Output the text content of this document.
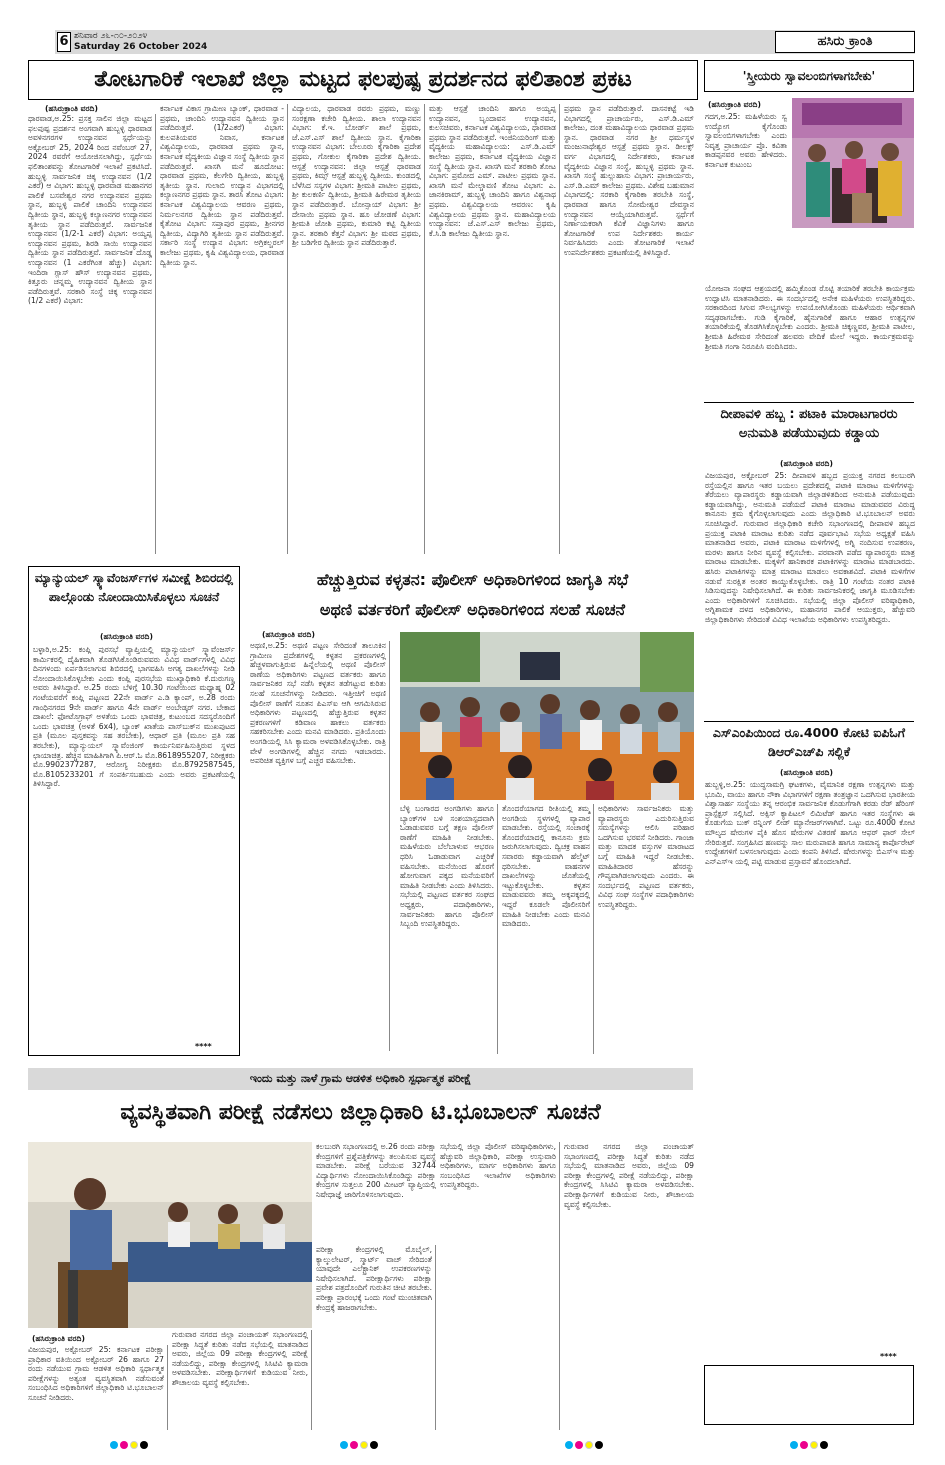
6 ಶನಿವಾರ ೨೬-೧೦-೨೦೨೪
Saturday 26 October 2024	ಹಸಿರು ಕ್ರಾಂತಿ
ತೋಟಗಾರಿಕೆ ಇಲಾಖೆ ಜಿಲ್ಲಾ ಮಟ್ಟದ ಫಲಪುಷ್ಪ ಪ್ರದರ್ಶನದ ಫಲಿತಾಂಶ ಪ್ರಕಟ
(ಹಸಿರುಕ್ರಾಂತಿ ವರದಿ)
ಧಾರವಾಡ,ಅ.25: ಪ್ರಸಕ್ತ ಸಾಲಿನ ಜಿಲ್ಲಾ ಮಟ್ಟದ ಫಲಪುಷ್ಪ ಪ್ರದರ್ಶನ ಅಂಗವಾಗಿ ಹುಬ್ಬಳ್ಳಿ ಧಾರವಾಡ ಅವಳಿನಗರಗಳ ಉದ್ಯಾನವನ ಸ್ಪರ್ಧೆಯನ್ನು ಅಕ್ಟೋಬರ್ 25, 2024 ರಿಂದ ನವೆಂಬರ್ 27, 2024 ರವರೆಗೆ ಆಯೋಜಿಸಲಾಗಿದ್ದು, ಸ್ಪರ್ಧೆಯ ಫಲಿತಾಂಶವನ್ನು ತೋಟಗಾರಿಕೆ ಇಲಾಖೆ ಪ್ರಕಟಿಸಿದೆ. ಹುಬ್ಬಳ್ಳಿ ಸಾರ್ವಜನಿಕ ಚಿಕ್ಕ ಉದ್ಯಾನವನ (1/2 ಎಕರೆ) ಆ ವಿಭಾಗ: ಹುಬ್ಬಳ್ಳಿ ಧಾರವಾಡ ಮಹಾನಗರ ಪಾಲಿಕೆ ಬಸವೇಶ್ವರ ನಗರ ಉದ್ಯಾನವನ ಪ್ರಥಮ ಸ್ಥಾನ, ಹುಬ್ಬಳ್ಳಿ ಪಾಲಿಕೆ ಚಾಂದಿನಿ ಉದ್ಯಾನವನ ದ್ವಿತೀಯ ಸ್ಥಾನ, ಹುಬ್ಬಳ್ಳಿ ಕಲ್ಯಾಣನಗರ ಉದ್ಯಾನವನ ತೃತೀಯ ಸ್ಥಾನ ಪಡೆದಿರುತ್ತವೆ. ಸಾರ್ವಜನಿಕ ಉದ್ಯಾನವನ (1/2-1 ಎಕರೆ) ವಿಭಾಗ: ಅಯ್ಯಪ್ಪ ಉದ್ಯಾನವನ ಪ್ರಥಮ, ಶಿರಡಿ ಸಾಯಿ ಉದ್ಯಾನವನ ದ್ವಿತೀಯ ಸ್ಥಾನ ಪಡೆದಿರುತ್ತವೆ. ಸಾರ್ವಜನಿಕ ದೊಡ್ಡ ಉದ್ಯಾನವನ (1 ಎಕರೆಗಿಂತ ಹೆಚ್ಚು) ವಿಭಾಗ: ಇಂದಿರಾ ಗ್ಲಾಸ್ ಹೌಸ್ ಉದ್ಯಾನವನ ಪ್ರಥಮ, ಕಿತ್ತೂರು ಚನ್ನಮ್ಮ ಉದ್ಯಾನವನ ದ್ವಿತೀಯ ಸ್ಥಾನ ಪಡೆದಿರುತ್ತವೆ. ಸರಕಾರಿ ಸಂಸ್ಥೆ ಚಿಕ್ಕ ಉದ್ಯಾನವನ (1/2 ಎಕರೆ) ವಿಭಾಗ:
ಕರ್ನಾಟಕ ವಿಕಾಸ ಗ್ರಾಮೀಣ ಬ್ಯಾಂಕ್, ಧಾರವಾಡ - ಪ್ರಥಮ, ಚಾಂದಿನಿ ಉದ್ಯಾನವನ ದ್ವಿತೀಯ ಸ್ಥಾನ ಪಡೆದಿರುತ್ತವೆ. (1/2ಎಕರೆ) ವಿಭಾಗ: ಕುಲಪತಿಯವರ ನಿವಾಸ, ಕರ್ನಾಟಕ ವಿಶ್ವವಿದ್ಯಾಲಯ, ಧಾರವಾಡ ಪ್ರಥಮ ಸ್ಥಾನ, ಕರ್ನಾಟಕ ವೈದ್ಯಕೀಯ ವಿಜ್ಞಾನ ಸಂಸ್ಥೆ ದ್ವಿತೀಯ ಸ್ಥಾನ ಪಡೆದಿರುತ್ತವೆ. ಖಾಸಗಿ ಮನೆ ಹೂದೋಟ: ಧಾರವಾಡ ಪ್ರಥಮ, ಕೆಲಗೇರಿ ದ್ವಿತೀಯ, ಹುಬ್ಬಳ್ಳಿ ತೃತೀಯ ಸ್ಥಾನ. ಗುಲಾಬಿ ಉದ್ಯಾನ ವಿಭಾಗದಲ್ಲಿ ಕಲ್ಯಾಣನಗರ ಪ್ರಥಮ ಸ್ಥಾನ. ತಾರಸಿ ತೋಟ ವಿಭಾಗ: ಕರ್ನಾಟಕ ವಿಶ್ವವಿದ್ಯಾಲಯ ಆವರಣ ಪ್ರಥಮ, ನಿರ್ಮಲನಗರ ದ್ವಿತೀಯ ಸ್ಥಾನ ಪಡೆದಿರುತ್ತವೆ. ಕೈತೋಟ ವಿಭಾಗ: ಸಪ್ತಾಪುರ ಪ್ರಥಮ, ಶ್ರೀನಗರ ದ್ವಿತೀಯ, ವಿದ್ಯಾಗಿರಿ ತೃತೀಯ ಸ್ಥಾನ ಪಡೆದಿರುತ್ತವೆ. ಸರ್ಕಾರಿ ಸಂಸ್ಥೆ ಉದ್ಯಾನ ವಿಭಾಗ: ಅಗ್ರಿಕಲ್ಚರಲ್ ಕಾಲೇಜು ಪ್ರಥಮ, ಕೃಷಿ ವಿಶ್ವವಿದ್ಯಾಲಯ, ಧಾರವಾಡ ದ್ವಿತೀಯ ಸ್ಥಾನ.
ವಿದ್ಯಾಲಯ, ಧಾರವಾಡ ರವರು ಪ್ರಥಮ, ಮಣ್ಣು ಸಂರಕ್ಷಣಾ ಕಚೇರಿ ದ್ವಿತೀಯ. ಶಾಲಾ ಉದ್ಯಾನವನ ವಿಭಾಗ: ಕೆ.ಇ. ಬೋರ್ಡ್ ಶಾಲೆ ಪ್ರಥಮ, ಜೆ.ಎಸ್.ಎಸ್ ಶಾಲೆ ದ್ವಿತೀಯ ಸ್ಥಾನ. ಕೈಗಾರಿಕಾ ಉದ್ಯಾನವನ ವಿಭಾಗ: ಬೇಲೂರು ಕೈಗಾರಿಕಾ ಪ್ರದೇಶ ಪ್ರಥಮ, ಗೋಕುಲ ಕೈಗಾರಿಕಾ ಪ್ರದೇಶ ದ್ವಿತೀಯ. ಆಸ್ಪತ್ರೆ ಉದ್ಯಾನವನ: ಜಿಲ್ಲಾ ಆಸ್ಪತ್ರೆ ಧಾರವಾಡ ಪ್ರಥಮ, ಕಿಮ್ಸ್ ಆಸ್ಪತ್ರೆ ಹುಬ್ಬಳ್ಳಿ ದ್ವಿತೀಯ. ಕುಂಡದಲ್ಲಿ ಬೆಳೆಸಿದ ಸಸ್ಯಗಳ ವಿಭಾಗ: ಶ್ರೀಮತಿ ಪಾಟೀಲ ಪ್ರಥಮ, ಶ್ರೀ ಕುಲಕರ್ಣಿ ದ್ವಿತೀಯ, ಶ್ರೀಮತಿ ಹಿರೇಮಠ ತೃತೀಯ ಸ್ಥಾನ ಪಡೆದಿರುತ್ತಾರೆ. ಬೋನ್ಸಾಯ್ ವಿಭಾಗ: ಶ್ರೀ ದೇಸಾಯಿ ಪ್ರಥಮ ಸ್ಥಾನ. ಹೂ ಜೋಡಣೆ ವಿಭಾಗ: ಶ್ರೀಮತಿ ಜೋಶಿ ಪ್ರಥಮ, ಕುಮಾರಿ ಕಟ್ಟಿ ದ್ವಿತೀಯ ಸ್ಥಾನ. ತರಕಾರಿ ಕೆತ್ತನೆ ವಿಭಾಗ: ಶ್ರೀ ಮಠದ ಪ್ರಥಮ, ಶ್ರೀ ಬಡಿಗೇರ ದ್ವಿತೀಯ ಸ್ಥಾನ ಪಡೆದಿರುತ್ತಾರೆ.
ಮತ್ತು ಆಸ್ಪತ್ರೆ ಚಾಂದಿನಿ ಹಾಗೂ ಅಯ್ಯಪ್ಪ ಉದ್ಯಾನವನ, ಬೃಂದಾವನ ಉದ್ಯಾನವನ, ಕುಲಸಚಿವರು, ಕರ್ನಾಟಕ ವಿಶ್ವವಿದ್ಯಾಲಯ, ಧಾರವಾಡ ಪ್ರಥಮ ಸ್ಥಾನ ಪಡೆದಿರುತ್ತವೆ. ಇಂಜಿನಿಯರಿಂಗ್ ಮತ್ತು ವೈದ್ಯಕೀಯ ಮಹಾವಿದ್ಯಾಲಯ: ಎಸ್.ಡಿ.ಎಮ್ ಕಾಲೇಜು ಪ್ರಥಮ, ಕರ್ನಾಟಕ ವೈದ್ಯಕೀಯ ವಿಜ್ಞಾನ ಸಂಸ್ಥೆ ದ್ವಿತೀಯ ಸ್ಥಾನ. ಖಾಸಗಿ ಮನೆ ತರಕಾರಿ ತೋಟ ವಿಭಾಗ: ಪ್ರಮೋದ ಎಮ್. ಪಾಟೀಲ ಪ್ರಥಮ ಸ್ಥಾನ. ಖಾಸಗಿ ಮನೆ ಮೇಲ್ಚಾವಣಿ ತೋಟ ವಿಭಾಗ: ಎ. ಜಾನಕಿರಾಮ್, ಹುಬ್ಬಳ್ಳಿ ಚಾಂದಿನಿ ಹಾಗೂ ವಿಶ್ವನಾಥ ಪ್ರಥಮ. ವಿಶ್ವವಿದ್ಯಾಲಯ ಆವರಣ: ಕೃಷಿ ವಿಶ್ವವಿದ್ಯಾಲಯ ಪ್ರಥಮ ಸ್ಥಾನ. ಮಹಾವಿದ್ಯಾಲಯ ಉದ್ಯಾನವನ: ಜೆ.ಎಸ್.ಎಸ್ ಕಾಲೇಜು ಪ್ರಥಮ, ಕೆ.ಸಿ.ಡಿ ಕಾಲೇಜು ದ್ವಿತೀಯ ಸ್ಥಾನ.
ಪ್ರಥಮ ಸ್ಥಾನ ಪಡೆದಿರುತ್ತಾರೆ. ದಾಸನಕಟ್ಟೆ ಇಡಿ ವಿಭಾಗದಲ್ಲಿ ಪ್ರಾಚಾರ್ಯರು, ಎಸ್.ಡಿ.ಎಮ್ ಕಾಲೇಜು, ದಂತ ಮಹಾವಿದ್ಯಾಲಯ ಧಾರವಾಡ ಪ್ರಥಮ ಸ್ಥಾನ. ಧಾರವಾಡ ನಗರ ಶ್ರೀ ಧರ್ಮಸ್ಥಳ ಮಂಜುನಾಥೇಶ್ವರ ಆಸ್ಪತ್ರೆ ಪ್ರಥಮ ಸ್ಥಾನ. ಡೀಲಕ್ಸ್ ವರ್ಗ ವಿಭಾಗದಲ್ಲಿ ನಿರ್ದೇಶಕರು, ಕರ್ನಾಟಕ ವೈದ್ಯಕೀಯ ವಿಜ್ಞಾನ ಸಂಸ್ಥೆ, ಹುಬ್ಬಳ್ಳಿ ಪ್ರಥಮ ಸ್ಥಾನ. ಖಾಸಗಿ ಸಂಸ್ಥೆ ಹುಲ್ಲುಹಾಸು ವಿಭಾಗ: ಪ್ರಾಚಾರ್ಯರು, ಎಸ್.ಡಿ.ಎಮ್ ಕಾಲೇಜು ಪ್ರಥಮ. ವಿಶೇಷ ಬಹುಮಾನ ವಿಭಾಗದಲ್ಲಿ: ಸರಕಾರಿ ಕೈಗಾರಿಕಾ ತರಬೇತಿ ಸಂಸ್ಥೆ, ಧಾರವಾಡ ಹಾಗೂ ಸೋಮೇಶ್ವರ ದೇವಸ್ಥಾನ ಉದ್ಯಾನವನ ಆಯ್ಕೆಯಾಗಿರುತ್ತವೆ. ಸ್ಪರ್ಧೆಗೆ ನಿರ್ಣಾಯಕರಾಗಿ ಕೆವಿಕೆ ವಿಜ್ಞಾನಿಗಳು ಹಾಗೂ ತೋಟಗಾರಿಕೆ ಉಪ ನಿರ್ದೇಶಕರು ಕಾರ್ಯ ನಿರ್ವಹಿಸಿದರು ಎಂದು ತೋಟಗಾರಿಕೆ ಇಲಾಖೆ ಉಪನಿರ್ದೇಶಕರು ಪ್ರಕಟಣೆಯಲ್ಲಿ ತಿಳಿಸಿದ್ದಾರೆ.
'ಸ್ತ್ರೀಯರು ಸ್ವಾವಲಂಬಿಗಳಾಗಬೇಕು'
(ಹಸಿರುಕ್ರಾಂತಿ ವರದಿ)
ಗದಗ,ಅ.25: ಮಹಿಳೆಯರು ಸ್ವ ಉದ್ಯೋಗ ಕೈಗೊಂಡು ಸ್ವಾವಲಂಬಿಗಳಾಗಬೇಕು ಎಂದು ನಿವೃತ್ತ ಪ್ರಾಚಾರ್ಯ ಪ್ರೊ. ಕವಿತಾ ಕಾಡಪ್ಪನವರ ಅವರು ಹೇಳಿದರು. ಕರ್ನಾಟಕ ಕುಟುಂಬ
ಯೋಜನಾ ಸಂಘದ ಆಶ್ರಯದಲ್ಲಿ ಹಮ್ಮಿಕೊಂಡ ರೊಟ್ಟಿ ತಯಾರಿಕೆ ತರಬೇತಿ ಕಾರ್ಯಕ್ರಮ ಉದ್ಘಾಟಿಸಿ ಮಾತನಾಡಿದರು. ಈ ಸಂದರ್ಭದಲ್ಲಿ ಅನೇಕ ಮಹಿಳೆಯರು ಉಪಸ್ಥಿತರಿದ್ದರು. ಸರಕಾರದಿಂದ ಸಿಗುವ ಸೌಲಭ್ಯಗಳನ್ನು ಉಪಯೋಗಿಸಿಕೊಂಡು ಮಹಿಳೆಯರು ಆರ್ಥಿಕವಾಗಿ ಸದೃಢರಾಗಬೇಕು. ಗುಡಿ ಕೈಗಾರಿಕೆ, ಹೈನುಗಾರಿಕೆ ಹಾಗೂ ಆಹಾರ ಉತ್ಪನ್ನಗಳ ತಯಾರಿಕೆಯಲ್ಲಿ ತೊಡಗಿಸಿಕೊಳ್ಳಬೇಕು ಎಂದರು. ಶ್ರೀಮತಿ ಚಿಕ್ಕಣ್ಣವರ, ಶ್ರೀಮತಿ ಪಾಟೀಲ, ಶ್ರೀಮತಿ ಹಿರೇಮಠ ಸೇರಿದಂತೆ ಹಲವರು ವೇದಿಕೆ ಮೇಲೆ ಇದ್ದರು. ಕಾರ್ಯಕ್ರಮವನ್ನು ಶ್ರೀಮತಿ ಗಂಗಾ ನಿರೂಪಿಸಿ ವಂದಿಸಿದರು.
ದೀಪಾವಳಿ ಹಬ್ಬ : ಪಟಾಕಿ ಮಾರಾಟಗಾರರು ಅನುಮತಿ ಪಡೆಯುವುದು ಕಡ್ಡಾಯ
(ಹಸಿರುಕ್ರಾಂತಿ ವರದಿ)
ವಿಜಯಪುರ, ಅಕ್ಟೋಬರ್ 25: ದೀಪಾವಳಿ ಹಬ್ಬದ ಪ್ರಯುಕ್ತ ನಗರದ ಕಲಬುರಗಿ ರಸ್ತೆಯಲ್ಲಿನ ಹಾಗೂ ಇತರ ಬಯಲು ಪ್ರದೇಶದಲ್ಲಿ ಪಟಾಕಿ ಮಾರಾಟ ಮಳಿಗೆಗಳನ್ನು ತೆರೆಯಲು ವ್ಯಾಪಾರಸ್ಥರು ಕಡ್ಡಾಯವಾಗಿ ಜಿಲ್ಲಾಡಳಿತದಿಂದ ಅನುಮತಿ ಪಡೆಯುವುದು ಕಡ್ಡಾಯವಾಗಿದ್ದು, ಅನುಮತಿ ಪಡೆಯದೆ ಪಟಾಕಿ ಮಾರಾಟ ಮಾಡುವವರ ವಿರುದ್ಧ ಕಾನೂನು ಕ್ರಮ ಕೈಗೊಳ್ಳಲಾಗುವುದು ಎಂದು ಜಿಲ್ಲಾಧಿಕಾರಿ ಟಿ.ಭೂಬಾಲನ್ ಅವರು ಸೂಚಿಸಿದ್ದಾರೆ. ಗುರುವಾರ ಜಿಲ್ಲಾಧಿಕಾರಿ ಕಚೇರಿ ಸಭಾಂಗಣದಲ್ಲಿ ದೀಪಾವಳಿ ಹಬ್ಬದ ಪ್ರಯುಕ್ತ ಪಟಾಕಿ ಮಾರಾಟ ಕುರಿತು ನಡೆದ ಪೂರ್ವಭಾವಿ ಸಭೆಯ ಅಧ್ಯಕ್ಷತೆ ವಹಿಸಿ ಮಾತನಾಡಿದ ಅವರು, ಪಟಾಕಿ ಮಾರಾಟ ಮಳಿಗೆಗಳಲ್ಲಿ ಅಗ್ನಿ ನಂದಿಸುವ ಉಪಕರಣ, ಮರಳು ಹಾಗೂ ನೀರಿನ ವ್ಯವಸ್ಥೆ ಕಲ್ಪಿಸಬೇಕು. ಪರವಾನಗಿ ಪಡೆದ ವ್ಯಾಪಾರಸ್ಥರು ಮಾತ್ರ ಮಾರಾಟ ಮಾಡಬೇಕು. ಮಕ್ಕಳಿಗೆ ಹಾನಿಕಾರಕ ಪಟಾಕಿಗಳನ್ನು ಮಾರಾಟ ಮಾಡಬಾರದು. ಹಸಿರು ಪಟಾಕಿಗಳನ್ನು ಮಾತ್ರ ಮಾರಾಟ ಮಾಡಲು ಅವಕಾಶವಿದೆ. ಪಟಾಕಿ ಮಳಿಗೆಗಳ ನಡುವೆ ಸುರಕ್ಷಿತ ಅಂತರ ಕಾಯ್ದುಕೊಳ್ಳಬೇಕು. ರಾತ್ರಿ 10 ಗಂಟೆಯ ನಂತರ ಪಟಾಕಿ ಸಿಡಿಸುವುದನ್ನು ನಿಷೇಧಿಸಲಾಗಿದೆ. ಈ ಕುರಿತು ಸಾರ್ವಜನಿಕರಲ್ಲಿ ಜಾಗೃತಿ ಮೂಡಿಸಬೇಕು ಎಂದು ಅಧಿಕಾರಿಗಳಿಗೆ ಸೂಚಿಸಿದರು. ಸಭೆಯಲ್ಲಿ ಜಿಲ್ಲಾ ಪೊಲೀಸ್ ವರಿಷ್ಠಾಧಿಕಾರಿ, ಅಗ್ನಿಶಾಮಕ ದಳದ ಅಧಿಕಾರಿಗಳು, ಮಹಾನಗರ ಪಾಲಿಕೆ ಆಯುಕ್ತರು, ಹೆಚ್ಚುವರಿ ಜಿಲ್ಲಾಧಿಕಾರಿಗಳು ಸೇರಿದಂತೆ ವಿವಿಧ ಇಲಾಖೆಯ ಅಧಿಕಾರಿಗಳು ಉಪಸ್ಥಿತರಿದ್ದರು.
ಎಸ್‌ಎಂಪಿಯಿಂದ ರೂ.4000 ಕೋಟಿ ಐಪಿಓಗೆ ಡಿಆರ್‌ಎಚ್‌ಪಿ ಸಲ್ಲಿಕೆ
(ಹಸಿರುಕ್ರಾಂತಿ ವರದಿ)
ಹುಬ್ಬಳ್ಳಿ,ಅ.25: ಯುದ್ಧಸಾಮಗ್ರಿ ಘಟಕಗಳು, ವೈಮಾನಿಕ ರಕ್ಷಣಾ ಉತ್ಪನ್ನಗಳು ಮತ್ತು ಭೂಮಿ, ವಾಯು ಹಾಗೂ ನೌಕಾ ವಿಭಾಗಗಳಿಗೆ ರಕ್ಷಣಾ ತಂತ್ರಜ್ಞಾನ ಒದಗಿಸುವ ಭಾರತೀಯ ವಿಶ್ವಾಸಾರ್ಹ ಸಂಸ್ಥೆಯು ತನ್ನ ಆರಂಭಿಕ ಸಾರ್ವಜನಿಕ ಕೊಡುಗೆಗಾಗಿ ಕರಡು ರೆಡ್ ಹೆರಿಂಗ್ ಪ್ರಾಸ್ಪೆಕ್ಟಸ್ ಸಲ್ಲಿಸಿದೆ. ಅಕ್ಸಿಸ್ ಕ್ಯಾಪಿಟಲ್ ಲಿಮಿಟೆಡ್ ಹಾಗೂ ಇತರ ಸಂಸ್ಥೆಗಳು ಈ ಕೊಡುಗೆಯ ಬುಕ್ ರನ್ನಿಂಗ್ ಲೀಡ್ ಮ್ಯಾನೇಜರ್‌ಗಳಾಗಿವೆ. ಒಟ್ಟು ರೂ.4000 ಕೋಟಿ ಮೌಲ್ಯದ ಷೇರುಗಳ ಪೈಕಿ ಹೊಸ ಷೇರುಗಳ ವಿತರಣೆ ಹಾಗೂ ಆಫರ್ ಫಾರ್ ಸೇಲ್ ಸೇರಿರುತ್ತವೆ. ಸಂಗ್ರಹಿಸಿದ ಹಣವನ್ನು ಸಾಲ ಮರುಪಾವತಿ ಹಾಗೂ ಸಾಮಾನ್ಯ ಕಾರ್ಪೊರೇಟ್ ಉದ್ದೇಶಗಳಿಗೆ ಬಳಸಲಾಗುವುದು ಎಂದು ಕಂಪನಿ ತಿಳಿಸಿದೆ. ಷೇರುಗಳನ್ನು ಬಿಎಸ್‌ಇ ಮತ್ತು ಎನ್‌ಎಸ್‌ಇ ಯಲ್ಲಿ ಪಟ್ಟಿ ಮಾಡುವ ಪ್ರಸ್ತಾವನೆ ಹೊಂದಲಾಗಿದೆ.
****
ಮ್ಯಾನ್ಯುಯಲ್ ಸ್ಕ್ಯಾವೆಂಜರ್ಸ್‌ಗಳ ಸಮೀಕ್ಷೆ ಶಿಬಿರದಲ್ಲಿ ಪಾಲ್ಗೊಂಡು ನೋಂದಾಯಿಸಿಕೊಳ್ಳಲು ಸೂಚನೆ
(ಹಸಿರುಕ್ರಾಂತಿ ವರದಿ)
ಬಳ್ಳಾರಿ,ಅ.25: ಕಂಪ್ಲಿ ಪುರಸಭೆ ವ್ಯಾಪ್ತಿಯಲ್ಲಿ ಮ್ಯಾನ್ಯುಯಲ್ ಸ್ಕ್ಯಾವೆಂಜರ್ಸ್ ಕಾರ್ಮಿಕರಲ್ಲಿ ದೈಹಿಕವಾಗಿ ತೊಡಗಿಸಿಕೊಂಡಿರುವವರು ವಿವಿಧ ವಾರ್ಡ್‌ಗಳಲ್ಲಿ ವಿವಿಧ ದಿನಗಳಂದು ಏರ್ಪಡಿಸಲಾಗುವ ಶಿಬಿರದಲ್ಲಿ ಭಾಗವಹಿಸಿ ಅಗತ್ಯ ದಾಖಲೆಗಳನ್ನು ನೀಡಿ ನೋಂದಾಯಿಸಿಕೊಳ್ಳಬೇಕು ಎಂದು ಕಂಪ್ಲಿ ಪುರಸಭೆಯ ಮುಖ್ಯಾಧಿಕಾರಿ ಕೆ.ದುರುಗಣ್ಣ ಅವರು ತಿಳಿಸಿದ್ದಾರೆ. ಅ.25 ರಂದು ಬೆಳಿಗ್ಗೆ 10.30 ಗಂಟೆಯಿಂದ ಮಧ್ಯಾಹ್ನ 02 ಗಂಟೆಯವರೆಗೆ ಕಂಪ್ಲಿ ಪಟ್ಟಣದ 22ನೇ ವಾರ್ಡ್ ಎ.ಡಿ ಕ್ಯಾಂಪ್, ಅ.28 ರಂದು ಗಾಂಧಿನಗರದ 9ನೇ ವಾರ್ಡ್ ಹಾಗೂ 4ನೇ ವಾರ್ಡ್ ಅಂಬೇಡ್ಕರ್ ನಗರ. ಬೇಕಾದ ದಾಖಲೆ: ಫೋಟೊಗ್ರಾಫ್ ಅಳತೆಯ ಒಂದು ಭಾವಚಿತ್ರ, ಕುಟುಂಬದ ಸದಸ್ಯರೊಂದಿಗೆ ಒಂದು ಭಾವಚಿತ್ರ (ಅಳತೆ 6x4), ಬ್ಯಾಂಕ್ ಖಾತೆಯ ಪಾಸ್‌ಬುಕ್‌ನ ಮುಖಪುಟದ ಪ್ರತಿ (ಮೂಲ ಪುಸ್ತಕವನ್ನು ಸಹ ತರಬೇಕು), ಆಧಾರ್ ಪ್ರತಿ (ಮೂಲ ಪ್ರತಿ ಸಹ ತರಬೇಕು), ಮ್ಯಾನ್ಯುಯಲ್ ಸ್ಕ್ಯಾವೆಂಜಿಂಗ್ ಕಾರ್ಯನಿರ್ವಹಿಸುತ್ತಿರುವ ಸ್ಥಳದ ಛಾಯಾಚಿತ್ರ. ಹೆಚ್ಚಿನ ಮಾಹಿತಿಗಾಗಿ ಪಿ.ಆರ್.ಓ ಮೊ.8618955207, ನಿರೀಕ್ಷಕರು ಮೊ.9902377287, ಆರೋಗ್ಯ ನಿರೀಕ್ಷಕರು ಮೊ.8792587545, ಮೊ.8105233201 ಗೆ ಸಂಪರ್ಕಿಸಬಹುದು ಎಂದು ಅವರು ಪ್ರಕಟಣೆಯಲ್ಲಿ ತಿಳಿಸಿದ್ದಾರೆ.
****
ಹೆಚ್ಚುತ್ತಿರುವ ಕಳ್ಳತನ: ಪೊಲೀಸ್ ಅಧಿಕಾರಿಗಳಿಂದ ಜಾಗೃತಿ ಸಭೆ
ಅಥಣಿ ವರ್ತಕರಿಗೆ ಪೊಲೀಸ್ ಅಧಿಕಾರಿಗಳಿಂದ ಸಲಹೆ ಸೂಚನೆ
(ಹಸಿರುಕ್ರಾಂತಿ ವರದಿ)
ಅಥಣಿ,ಅ.25: ಅಥಣಿ ಪಟ್ಟಣ ಸೇರಿದಂತೆ ತಾಲೂಕಿನ ಗ್ರಾಮೀಣ ಪ್ರದೇಶಗಳಲ್ಲಿ ಕಳ್ಳತನ ಪ್ರಕರಣಗಳಲ್ಲಿ ಹೆಚ್ಚಳವಾಗುತ್ತಿರುವ ಹಿನ್ನೆಲೆಯಲ್ಲಿ ಅಥಣಿ ಪೊಲೀಸ್ ಠಾಣೆಯ ಅಧಿಕಾರಿಗಳು ಪಟ್ಟಣದ ವರ್ತಕರು ಹಾಗೂ ಸಾರ್ವಜನಿಕರ ಸಭೆ ನಡೆಸಿ ಕಳ್ಳತನ ತಡೆಗಟ್ಟುವ ಕುರಿತು ಸಲಹೆ ಸೂಚನೆಗಳನ್ನು ನೀಡಿದರು. ಇತ್ತೀಚಿಗೆ ಅಥಣಿ ಪೊಲೀಸ್ ಠಾಣೆಗೆ ನೂತನ ಪಿಎಸ್ಐ ಆಗಿ ಆಗಮಿಸಿರುವ ಅಧಿಕಾರಿಗಳು ಪಟ್ಟಣದಲ್ಲಿ ಹೆಚ್ಚುತ್ತಿರುವ ಕಳ್ಳತನ ಪ್ರಕರಣಗಳಿಗೆ ಕಡಿವಾಣ ಹಾಕಲು ವರ್ತಕರು ಸಹಕರಿಸಬೇಕು ಎಂದು ಮನವಿ ಮಾಡಿದರು. ಪ್ರತಿಯೊಂದು ಅಂಗಡಿಯಲ್ಲಿ ಸಿಸಿ ಕ್ಯಾಮರಾ ಅಳವಡಿಸಿಕೊಳ್ಳಬೇಕು. ರಾತ್ರಿ ವೇಳೆ ಅಂಗಡಿಗಳಲ್ಲಿ ಹೆಚ್ಚಿನ ನಗದು ಇಡಬಾರದು. ಅಪರಿಚಿತ ವ್ಯಕ್ತಿಗಳ ಬಗ್ಗೆ ಎಚ್ಚರ ವಹಿಸಬೇಕು.
ಬೆಳ್ಳಿ ಬಂಗಾರದ ಅಂಗಡಿಗಳು ಹಾಗೂ ಬ್ಯಾಂಕ್‌ಗಳ ಬಳಿ ಸಂಶಯಾಸ್ಪದವಾಗಿ ಓಡಾಡುವವರ ಬಗ್ಗೆ ತಕ್ಷಣ ಪೊಲೀಸ್ ಠಾಣೆಗೆ ಮಾಹಿತಿ ನೀಡಬೇಕು. ಮಹಿಳೆಯರು ಬೆಲೆಬಾಳುವ ಆಭರಣ ಧರಿಸಿ ಓಡಾಡುವಾಗ ಎಚ್ಚರಿಕೆ ವಹಿಸಬೇಕು. ಮನೆಯಿಂದ ಹೊರಗೆ ಹೋಗುವಾಗ ಪಕ್ಕದ ಮನೆಯವರಿಗೆ ಮಾಹಿತಿ ನೀಡಬೇಕು ಎಂದು ತಿಳಿಸಿದರು. ಸಭೆಯಲ್ಲಿ ಪಟ್ಟಣದ ವರ್ತಕರ ಸಂಘದ ಅಧ್ಯಕ್ಷರು, ಪದಾಧಿಕಾರಿಗಳು, ಸಾರ್ವಜನಿಕರು ಹಾಗೂ ಪೊಲೀಸ್ ಸಿಬ್ಬಂದಿ ಉಪಸ್ಥಿತರಿದ್ದರು.
ತೊಂದರೆಯಾಗದ ರೀತಿಯಲ್ಲಿ ತಮ್ಮ ಅಂಗಡಿಯ ಸ್ಥಳಗಳಲ್ಲಿ ವ್ಯಾಪಾರ ಮಾಡಬೇಕು. ರಸ್ತೆಯಲ್ಲಿ ಸಂಚಾರಕ್ಕೆ ತೊಂದರೆಯಾದಲ್ಲಿ ಕಾನೂನು ಕ್ರಮ ಜರುಗಿಸಲಾಗುವುದು. ದ್ವಿಚಕ್ರ ವಾಹನ ಸವಾರರು ಕಡ್ಡಾಯವಾಗಿ ಹೆಲ್ಮೆಟ್ ಧರಿಸಬೇಕು. ವಾಹನಗಳ ದಾಖಲೆಗಳನ್ನು ಜೊತೆಯಲ್ಲಿ ಇಟ್ಟುಕೊಳ್ಳಬೇಕು. ಕಳ್ಳತನ ಮಾಡುವವರು ತಮ್ಮ ಅಕ್ಕಪಕ್ಕದಲ್ಲಿ ಇದ್ದರೆ ಕೂಡಲೇ ಪೊಲೀಸರಿಗೆ ಮಾಹಿತಿ ನೀಡಬೇಕು ಎಂದು ಮನವಿ ಮಾಡಿದರು.
ಅಧಿಕಾರಿಗಳು ಸಾರ್ವಜನಿಕರು ಮತ್ತು ವ್ಯಾಪಾರಸ್ಥರು ಎದುರಿಸುತ್ತಿರುವ ಸಮಸ್ಯೆಗಳನ್ನು ಆಲಿಸಿ ಪರಿಹಾರ ಒದಗಿಸುವ ಭರವಸೆ ನೀಡಿದರು. ಗಾಂಜಾ ಮತ್ತು ಮಾದಕ ವಸ್ತುಗಳ ಮಾರಾಟದ ಬಗ್ಗೆ ಮಾಹಿತಿ ಇದ್ದರೆ ನೀಡಬೇಕು. ಮಾಹಿತಿದಾರರ ಹೆಸರನ್ನು ಗೌಪ್ಯವಾಗಿಡಲಾಗುವುದು ಎಂದರು. ಈ ಸಂದರ್ಭದಲ್ಲಿ ಪಟ್ಟಣದ ವರ್ತಕರು, ವಿವಿಧ ಸಂಘ ಸಂಸ್ಥೆಗಳ ಪದಾಧಿಕಾರಿಗಳು ಉಪಸ್ಥಿತರಿದ್ದರು.
ಇಂದು ಮತ್ತು ನಾಳೆ ಗ್ರಾಮ ಆಡಳಿತ ಅಧಿಕಾರಿ ಸ್ಪರ್ಧಾತ್ಮಕ ಪರೀಕ್ಷೆ
ವ್ಯವಸ್ಥಿತವಾಗಿ ಪರೀಕ್ಷೆ ನಡೆಸಲು ಜಿಲ್ಲಾಧಿಕಾರಿ ಟಿ.ಭೂಬಾಲನ್ ಸೂಚನೆ
ಕಲಬುರಗಿ ಸಭಾಂಗಣದಲ್ಲಿ ಅ.26 ರಂದು ಪರೀಕ್ಷಾ ಕೇಂದ್ರಗಳಿಗೆ ಪ್ರಶ್ನೆಪತ್ರಿಕೆಗಳನ್ನು ತಲುಪಿಸುವ ವ್ಯವಸ್ಥೆ ಮಾಡಬೇಕು. ಪರೀಕ್ಷೆ ಬರೆಯುವ 32744 ವಿದ್ಯಾರ್ಥಿಗಳು ನೋಂದಾಯಿಸಿಕೊಂಡಿದ್ದು ಪರೀಕ್ಷಾ ಕೇಂದ್ರಗಳ ಸುತ್ತಲೂ 200 ಮೀಟರ್ ವ್ಯಾಪ್ತಿಯಲ್ಲಿ ನಿಷೇಧಾಜ್ಞೆ ಜಾರಿಗೊಳಿಸಲಾಗುವುದು.
(ಹಸಿರುಕ್ರಾಂತಿ ವರದಿ)
ವಿಜಯಪುರ, ಅಕ್ಟೋಬರ್ 25: ಕರ್ನಾಟಕ ಪರೀಕ್ಷಾ ಪ್ರಾಧಿಕಾರ ವತಿಯಿಂದ ಅಕ್ಟೋಬರ್ 26 ಹಾಗೂ 27 ರಂದು ನಡೆಯುವ ಗ್ರಾಮ ಆಡಳಿತ ಅಧಿಕಾರಿ ಸ್ಪರ್ಧಾತ್ಮಕ ಪರೀಕ್ಷೆಗಳನ್ನು ಅತ್ಯಂತ ವ್ಯವಸ್ಥಿತವಾಗಿ ನಡೆಸುವಂತೆ ಸಂಬಂಧಿಸಿದ ಅಧಿಕಾರಿಗಳಿಗೆ ಜಿಲ್ಲಾಧಿಕಾರಿ ಟಿ.ಭೂಬಾಲನ್ ಸೂಚನೆ ನೀಡಿದರು.
ಗುರುವಾರ ನಗರದ ಜಿಲ್ಲಾ ಪಂಚಾಯತ್ ಸಭಾಂಗಣದಲ್ಲಿ ಪರೀಕ್ಷಾ ಸಿದ್ಧತೆ ಕುರಿತು ನಡೆದ ಸಭೆಯಲ್ಲಿ ಮಾತನಾಡಿದ ಅವರು, ಜಿಲ್ಲೆಯ 09 ಪರೀಕ್ಷಾ ಕೇಂದ್ರಗಳಲ್ಲಿ ಪರೀಕ್ಷೆ ನಡೆಯಲಿದ್ದು, ಪರೀಕ್ಷಾ ಕೇಂದ್ರಗಳಲ್ಲಿ ಸಿಸಿಟಿವಿ ಕ್ಯಾಮರಾ ಅಳವಡಿಸಬೇಕು. ಪರೀಕ್ಷಾರ್ಥಿಗಳಿಗೆ ಕುಡಿಯುವ ನೀರು, ಶೌಚಾಲಯ ವ್ಯವಸ್ಥೆ ಕಲ್ಪಿಸಬೇಕು.
ಪರೀಕ್ಷಾ ಕೇಂದ್ರಗಳಲ್ಲಿ ಮೊಬೈಲ್, ಕ್ಯಾಲ್ಕುಲೇಟರ್, ಸ್ಮಾರ್ಟ್ ವಾಚ್ ಸೇರಿದಂತೆ ಯಾವುದೇ ಎಲೆಕ್ಟ್ರಾನಿಕ್ ಉಪಕರಣಗಳನ್ನು ನಿಷೇಧಿಸಲಾಗಿದೆ. ಪರೀಕ್ಷಾರ್ಥಿಗಳು ಪರೀಕ್ಷಾ ಪ್ರವೇಶ ಪತ್ರದೊಂದಿಗೆ ಗುರುತಿನ ಚೀಟಿ ತರಬೇಕು. ಪರೀಕ್ಷಾ ಪ್ರಾರಂಭಕ್ಕೆ ಒಂದು ಗಂಟೆ ಮುಂಚಿತವಾಗಿ ಕೇಂದ್ರಕ್ಕೆ ಹಾಜರಾಗಬೇಕು.
ಸಭೆಯಲ್ಲಿ ಜಿಲ್ಲಾ ಪೊಲೀಸ್ ವರಿಷ್ಠಾಧಿಕಾರಿಗಳು, ಹೆಚ್ಚುವರಿ ಜಿಲ್ಲಾಧಿಕಾರಿ, ಪರೀಕ್ಷಾ ಉಸ್ತುವಾರಿ ಅಧಿಕಾರಿಗಳು, ಮಾರ್ಗ ಅಧಿಕಾರಿಗಳು ಹಾಗೂ ಸಂಬಂಧಿಸಿದ ಇಲಾಖೆಗಳ ಅಧಿಕಾರಿಗಳು ಉಪಸ್ಥಿತರಿದ್ದರು.
ಗುರುವಾರ ನಗರದ ಜಿಲ್ಲಾ ಪಂಚಾಯತ್ ಸಭಾಂಗಣದಲ್ಲಿ ಪರೀಕ್ಷಾ ಸಿದ್ಧತೆ ಕುರಿತು ನಡೆದ ಸಭೆಯಲ್ಲಿ ಮಾತನಾಡಿದ ಅವರು, ಜಿಲ್ಲೆಯ 09 ಪರೀಕ್ಷಾ ಕೇಂದ್ರಗಳಲ್ಲಿ ಪರೀಕ್ಷೆ ನಡೆಯಲಿದ್ದು, ಪರೀಕ್ಷಾ ಕೇಂದ್ರಗಳಲ್ಲಿ ಸಿಸಿಟಿವಿ ಕ್ಯಾಮರಾ ಅಳವಡಿಸಬೇಕು. ಪರೀಕ್ಷಾರ್ಥಿಗಳಿಗೆ ಕುಡಿಯುವ ನೀರು, ಶೌಚಾಲಯ ವ್ಯವಸ್ಥೆ ಕಲ್ಪಿಸಬೇಕು.
